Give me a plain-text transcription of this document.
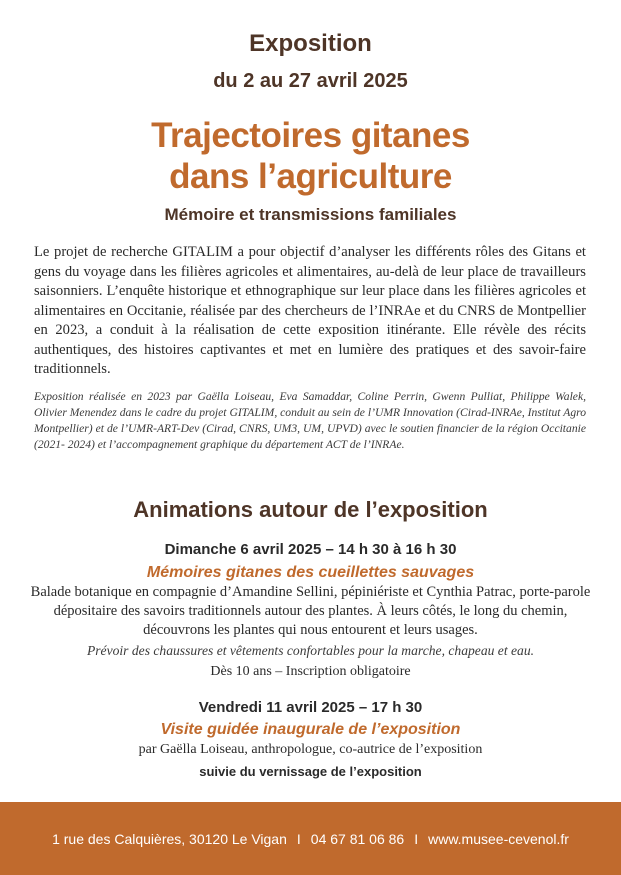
Exposition
du 2 au 27 avril 2025
Trajectoires gitanes
dans l’agriculture
Mémoire et transmissions familiales

Le projet de recherche GITALIM a pour objectif d’analyser les différents rôles des Gitans et gens du voyage dans les filières agricoles et alimentaires, au-delà de leur place de travailleurs saisonniers. L’enquête historique et ethnographique sur leur place dans les filières agricoles et alimentaires en Occitanie, réalisée par des chercheurs de l’INRAe et du CNRS de Montpellier en 2023, a conduit à la réalisation de cette exposition itinérante. Elle révèle des récits authentiques, des histoires captivantes et met en lumière des pratiques et des savoir-faire traditionnels.

Exposition réalisée en 2023 par Gaëlla Loiseau, Eva Samaddar, Coline Perrin, Gwenn Pulliat, Philippe Walek, Olivier Menendez dans le cadre du projet GITALIM, conduit au sein de l’UMR Innovation (Cirad-INRAe, Institut Agro Montpellier) et de l’UMR-ART-Dev (Cirad, CNRS, UM3, UM, UPVD) avec le soutien financier de la région Occitanie (2021- 2024) et l’accompagnement graphique du département ACT de l’INRAe.

Animations autour de l’exposition

Dimanche 6 avril 2025 – 14 h 30 à 16 h 30

Mémoires gitanes des cueillettes sauvages

Balade botanique en compagnie d’Amandine Sellini, pépiniériste et Cynthia Patrac, porte-parole dépositaire des savoirs traditionnels autour des plantes. À leurs côtés, le long du chemin, découvrons les plantes qui nous entourent et leurs usages.

Prévoir des chaussures et vêtements confortables pour la marche, chapeau et eau.

Dès 10 ans – Inscription obligatoire

Vendredi 11 avril 2025 – 17 h 30

Visite guidée inaugurale de l’exposition

par Gaëlla Loiseau, anthropologue, co-autrice de l’exposition

suivie du vernissage de l’exposition

1 rue des Calquières, 30120 Le Vigan I 04 67 81 06 86 I www.musee-cevenol.fr
